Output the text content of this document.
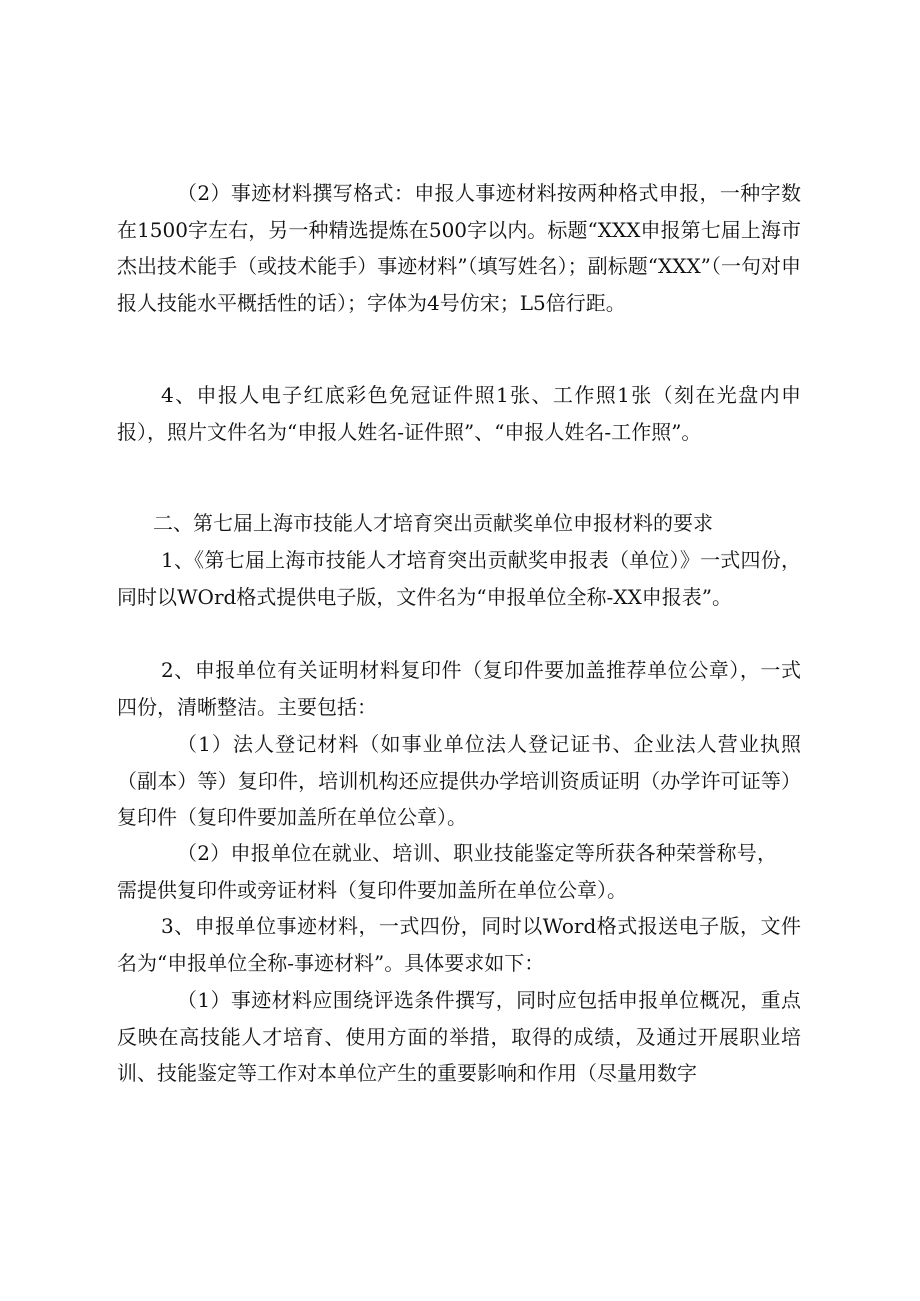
（2）事迹材料撰写格式：申报人事迹材料按两种格式申报，一种字数在1500字左右，另一种精选提炼在500字以内。标题“XXX申报第七届上海市杰出技术能手（或技术能手）事迹材料”（填写姓名）；副标题“XXX”（一句对申报人技能水平概括性的话）；字体为4号仿宋；L5倍行距。

4、申报人电子红底彩色免冠证件照1张、工作照1张（刻在光盘内申报），照片文件名为“申报人姓名-证件照”、“申报人姓名-工作照”。

二、第七届上海市技能人才培育突出贡献奖单位申报材料的要求

1、《第七届上海市技能人才培育突出贡献奖申报表（单位）》一式四份，同时以WOrd格式提供电子版，文件名为“申报单位全称-XX申报表”。

2、申报单位有关证明材料复印件（复印件要加盖推荐单位公章），一式四份，清晰整洁。主要包括：

（1）法人登记材料（如事业单位法人登记证书、企业法人营业执照（副本）等）复印件，培训机构还应提供办学培训资质证明（办学许可证等）复印件（复印件要加盖所在单位公章）。

（2）申报单位在就业、培训、职业技能鉴定等所获各种荣誉称号，需提供复印件或旁证材料（复印件要加盖所在单位公章）。

3、申报单位事迹材料，一式四份，同时以Word格式报送电子版，文件名为“申报单位全称-事迹材料”。具体要求如下：

（1）事迹材料应围绕评选条件撰写，同时应包括申报单位概况，重点反映在高技能人才培育、使用方面的举措，取得的成绩，及通过开展职业培训、技能鉴定等工作对本单位产生的重要影响和作用（尽量用数字
